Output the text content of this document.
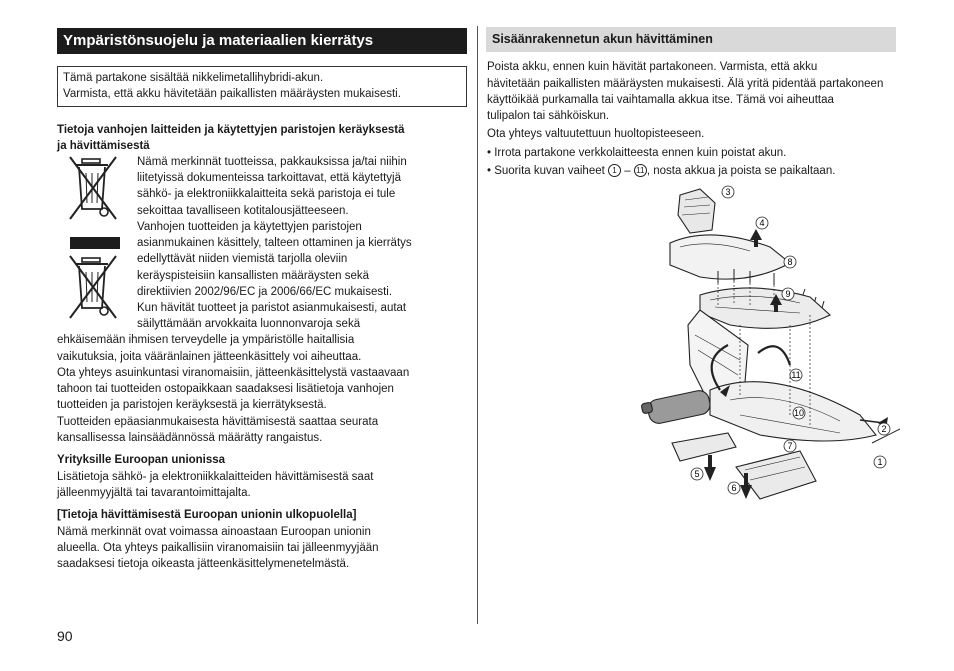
Ympäristönsuojelu ja materiaalien kierrätys
Tämä partakone sisältää nikkelimetallihybridi-akun.
Varmista, että akku hävitetään paikallisten määräysten mukaisesti.
Tietoja vanhojen laitteiden ja käytettyjen paristojen keräyksestä
ja hävittämisestä
Nämä merkinnät tuotteissa, pakkauksissa ja/tai niihin
liitetyissä dokumenteissa tarkoittavat, että käytettyjä
sähkö- ja elektroniikkalaitteita sekä paristoja ei tule
sekoittaa tavalliseen kotitalousjätteeseen.
Vanhojen tuotteiden ja käytettyjen paristojen
asianmukainen käsittely, talteen ottaminen ja kierrätys
edellyttävät niiden viemistä tarjolla oleviin
keräyspisteisiin kansallisten määräysten sekä
direktiivien 2002/96/EC ja 2006/66/EC mukaisesti.
Kun hävität tuotteet ja paristot asianmukaisesti, autat
säilyttämään arvokkaita luonnonvaroja sekä
ehkäisemään ihmisen terveydelle ja ympäristölle haitallisia
vaikutuksia, joita vääränlainen jätteenkäsittely voi aiheuttaa.
Ota yhteys asuinkuntasi viranomaisiin, jätteenkäsittelystä vastaavaan
tahoon tai tuotteiden ostopaikkaan saadaksesi lisätietoja vanhojen
tuotteiden ja paristojen keräyksestä ja kierrätyksestä.
Tuotteiden epäasianmukaisesta hävittämisestä saattaa seurata
kansallisessa lainsäädännössä määrätty rangaistus.
Yrityksille Euroopan unionissa
Lisätietoja sähkö- ja elektroniikkalaitteiden hävittämisestä saat
jälleenmyyjältä tai tavarantoimittajalta.
[Tietoja hävittämisestä Euroopan unionin ulkopuolella]
Nämä merkinnät ovat voimassa ainoastaan Euroopan unionin
alueella. Ota yhteys paikallisiin viranomaisiin tai jälleenmyyjään
saadaksesi tietoja oikeasta jätteenkäsittelymenetelmästä.
90
Sisäänrakennetun akun hävittäminen
Poista akku, ennen kuin hävität partakoneen. Varmista, että akku
hävitetään paikallisten määräysten mukaisesti. Älä yritä pidentää partakoneen
käyttöikää purkamalla tai vaihtamalla akkua itse. Tämä voi aiheuttaa
tulipalon tai sähköiskun.
Ota yhteys valtuutettuun huoltopisteeseen.
• Irrota partakone verkkolaitteesta ennen kuin poistat akun.
• Suorita kuvan vaiheet 1 – 11 , nosta akkua ja poista se paikaltaan.
3
4
8
9
11
10
2
7
1
5
6
